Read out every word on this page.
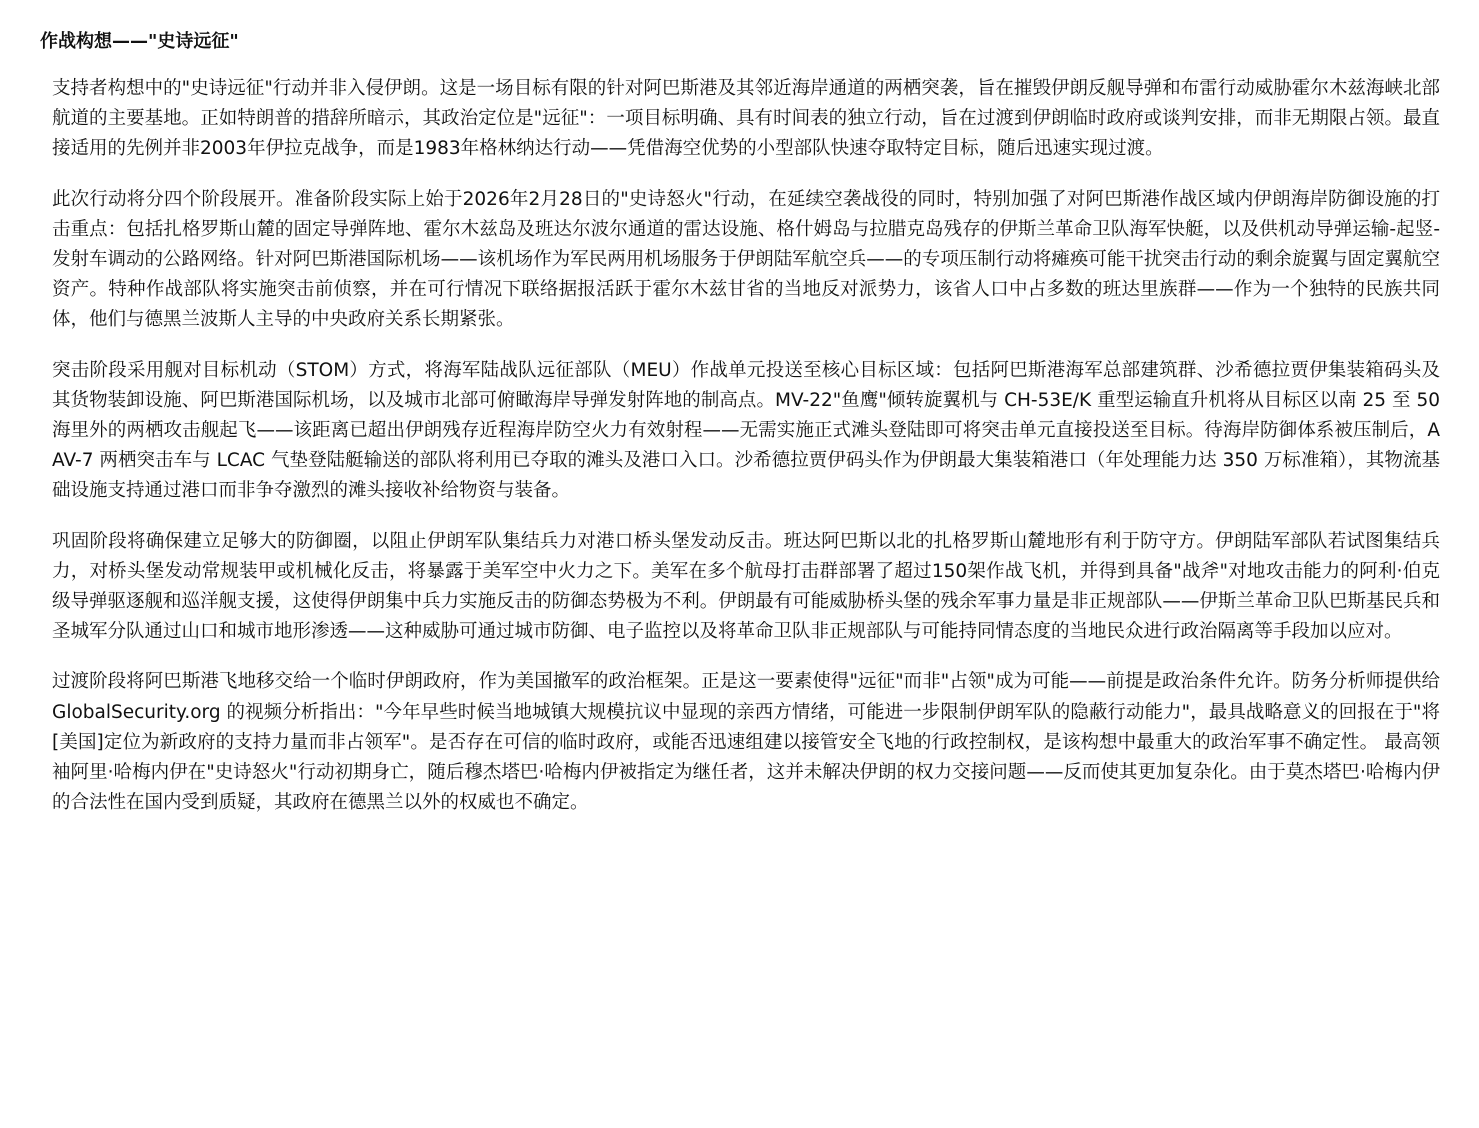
作战构想——"史诗远征"

支持者构想中的"史诗远征"行动并非入侵伊朗。这是一场目标有限的针对阿巴斯港及其邻近海岸通道的两栖突袭，旨在摧毁伊朗反舰导弹和布雷行动威胁霍尔木兹海峡北部航道的主要基地。正如特朗普的措辞所暗示，其政治定位是"远征"：一项目标明确、具有时间表的独立行动，旨在过渡到伊朗临时政府或谈判安排，而非无期限占领。最直接适用的先例并非2003年伊拉克战争，而是1983年格林纳达行动——凭借海空优势的小型部队快速夺取特定目标，随后迅速实现过渡。

此次行动将分四个阶段展开。准备阶段实际上始于2026年2月28日的"史诗怒火"行动，在延续空袭战役的同时，特别加强了对阿巴斯港作战区域内伊朗海岸防御设施的打击重点：包括扎格罗斯山麓的固定导弹阵地、霍尔木兹岛及班达尔波尔通道的雷达设施、格什姆岛与拉腊克岛残存的伊斯兰革命卫队海军快艇，以及供机动导弹运输-起竖-发射车调动的公路网络。针对阿巴斯港国际机场——该机场作为军民两用机场服务于伊朗陆军航空兵——的专项压制行动将瘫痪可能干扰突击行动的剩余旋翼与固定翼航空资产。特种作战部队将实施突击前侦察，并在可行情况下联络据报活跃于霍尔木兹甘省的当地反对派势力，该省人口中占多数的班达里族群——作为一个独特的民族共同体，他们与德黑兰波斯人主导的中央政府关系长期紧张。

突击阶段采用舰对目标机动（STOM）方式，将海军陆战队远征部队（MEU）作战单元投送至核心目标区域：包括阿巴斯港海军总部建筑群、沙希德拉贾伊集装箱码头及其货物装卸设施、阿巴斯港国际机场，以及城市北部可俯瞰海岸导弹发射阵地的制高点。MV-22"鱼鹰"倾转旋翼机与 CH-53E/K 重型运输直升机将从目标区以南 25 至 50 海里外的两栖攻击舰起飞——该距离已超出伊朗残存近程海岸防空火力有效射程——无需实施正式滩头登陆即可将突击单元直接投送至目标。待海岸防御体系被压制后，AAV-7 两栖突击车与 LCAC 气垫登陆艇输送的部队将利用已夺取的滩头及港口入口。沙希德拉贾伊码头作为伊朗最大集装箱港口（年处理能力达 350 万标准箱），其物流基础设施支持通过港口而非争夺激烈的滩头接收补给物资与装备。

巩固阶段将确保建立足够大的防御圈，以阻止伊朗军队集结兵力对港口桥头堡发动反击。班达阿巴斯以北的扎格罗斯山麓地形有利于防守方。伊朗陆军部队若试图集结兵力，对桥头堡发动常规装甲或机械化反击，将暴露于美军空中火力之下。美军在多个航母打击群部署了超过150架作战飞机，并得到具备"战斧"对地攻击能力的阿利·伯克级导弹驱逐舰和巡洋舰支援，这使得伊朗集中兵力实施反击的防御态势极为不利。伊朗最有可能威胁桥头堡的残余军事力量是非正规部队——伊斯兰革命卫队巴斯基民兵和圣城军分队通过山口和城市地形渗透——这种威胁可通过城市防御、电子监控以及将革命卫队非正规部队与可能持同情态度的当地民众进行政治隔离等手段加以应对。

过渡阶段将阿巴斯港飞地移交给一个临时伊朗政府，作为美国撤军的政治框架。正是这一要素使得"远征"而非"占领"成为可能——前提是政治条件允许。防务分析师提供给 GlobalSecurity.org 的视频分析指出："今年早些时候当地城镇大规模抗议中显现的亲西方情绪，可能进一步限制伊朗军队的隐蔽行动能力"，最具战略意义的回报在于"将[美国]定位为新政府的支持力量而非占领军"。是否存在可信的临时政府，或能否迅速组建以接管安全飞地的行政控制权，是该构想中最重大的政治军事不确定性。 最高领袖阿里·哈梅内伊在"史诗怒火"行动初期身亡，随后穆杰塔巴·哈梅内伊被指定为继任者，这并未解决伊朗的权力交接问题——反而使其更加复杂化。由于莫杰塔巴·哈梅内伊的合法性在国内受到质疑，其政府在德黑兰以外的权威也不确定。
